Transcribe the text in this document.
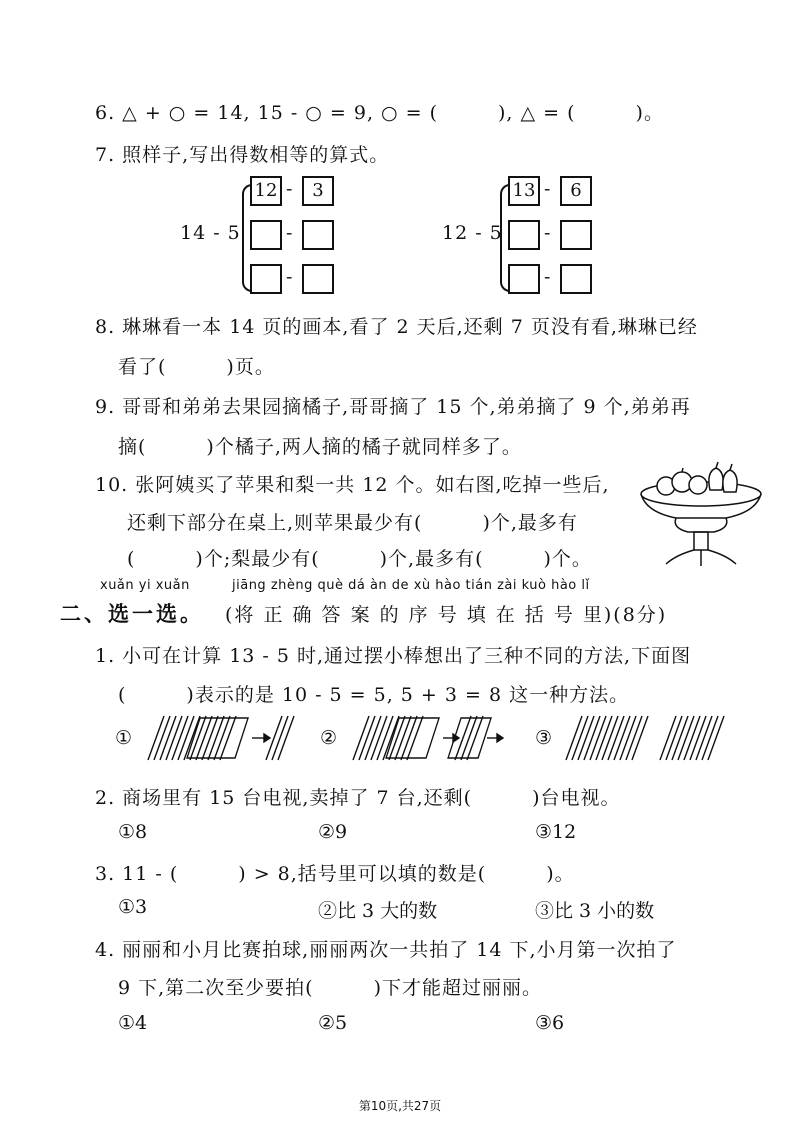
6. △ + ○ = 14, 15 - ○ = 9, ○ = (　　　), △ = (　　　)。
7. 照样子,写出得数相等的算式。
14 - 5
12 -	3
-
-
12 - 5
13 -	6
-
-
8. 琳琳看一本 14 页的画本,看了 2 天后,还剩 7 页没有看,琳琳已经
看了(　　　)页。
9. 哥哥和弟弟去果园摘橘子,哥哥摘了 15 个,弟弟摘了 9 个,弟弟再
摘(　　　)个橘子,两人摘的橘子就同样多了。
10. 张阿姨买了苹果和梨一共 12 个。如右图,吃掉一些后,
还剩下部分在桌上,则苹果最少有(　　　)个,最多有
(　　　)个;梨最少有(　　　)个,最多有(　　　)个。
xuǎn yi xuǎn	jiāng zhèng què dá àn de xù hào tián zài kuò hào lǐ
二、选一选。 (将 正 确 答 案 的 序 号 填 在 括 号 里)(8分)
1. 小可在计算 13 - 5 时,通过摆小棒想出了三种不同的方法,下面图
(　　　)表示的是 10 - 5 = 5, 5 + 3 = 8 这一种方法。
①	②	③
2. 商场里有 15 台电视,卖掉了 7 台,还剩(　　　)台电视。
①8	②9	③12
3. 11 - (　　　) > 8,括号里可以填的数是(　　　)。
①3	②比 3 大的数	③比 3 小的数
4. 丽丽和小月比赛拍球,丽丽两次一共拍了 14 下,小月第一次拍了
9 下,第二次至少要拍(　　　)下才能超过丽丽。
①4	②5	③6
第10页,共27页
